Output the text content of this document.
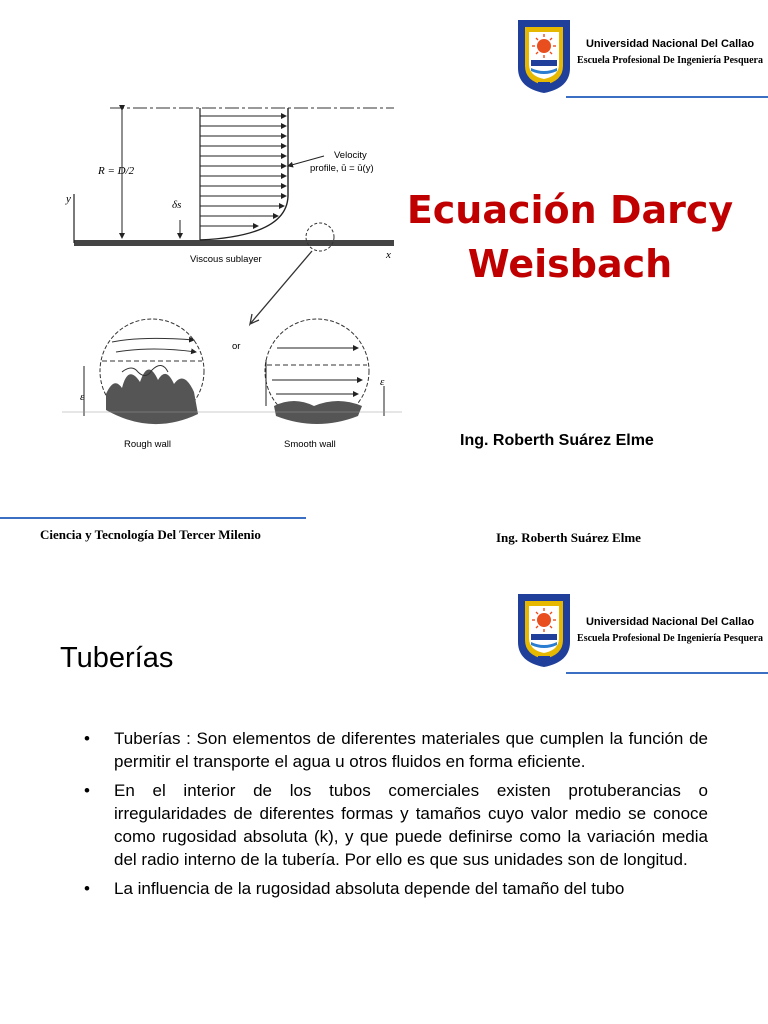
Universidad Nacional Del Callao
Escuela Profesional De Ingeniería Pesquera
R = D/2
y
x
δs
Velocity
profile, ū = ū(y)
Viscous sublayer
or
ε
ε
Rough wall	Smooth wall
Ecuación Darcy
Weisbach
Ing. Roberth Suárez Elme
Ciencia y Tecnología Del Tercer Milenio	Ing. Roberth Suárez Elme
Universidad Nacional Del Callao
Escuela Profesional De Ingeniería Pesquera
Tuberías
• Tuberías : Son elementos de diferentes materiales que cumplen la función de permitir el transporte el agua u otros fluidos en forma eficiente.
• En el interior de los tubos comerciales existen protuberancias o irregularidades de diferentes formas y tamaños cuyo valor medio se conoce como rugosidad absoluta (k), y que puede definirse como la variación media del radio interno de la tubería. Por ello es que sus unidades son de longitud.
• La influencia de la rugosidad absoluta depende del tamaño del tubo
